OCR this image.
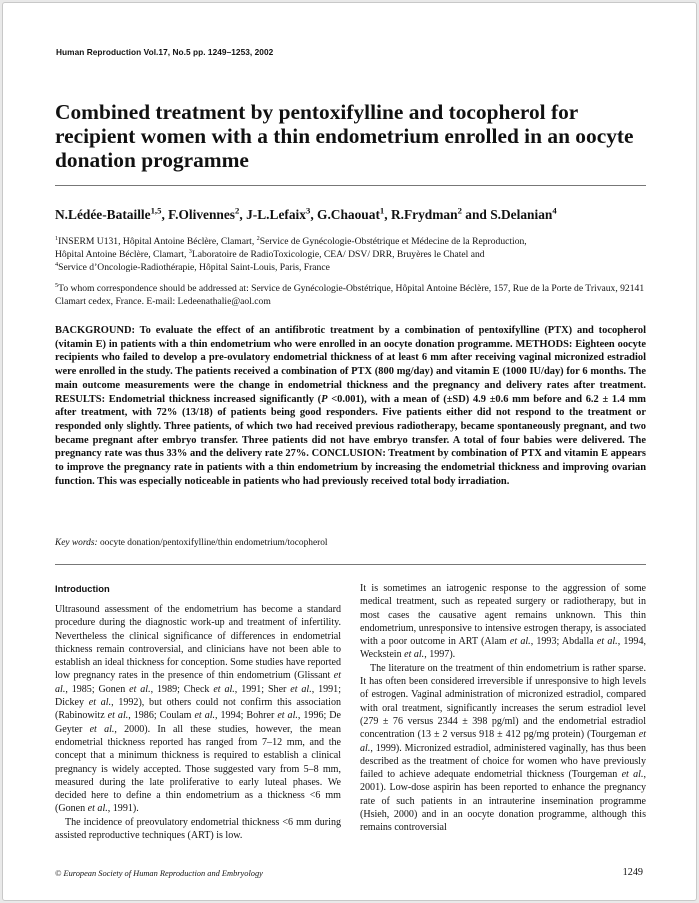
Human Reproduction Vol.17, No.5 pp. 1249–1253, 2002
Combined treatment by pentoxifylline and tocopherol for recipient women with a thin endometrium enrolled in an oocyte donation programme
N.Lédée-Bataille$^{1,5}$, F.Olivennes$^2$, J-L.Lefaix$^3$, G.Chaouat$^1$, R.Frydman$^2$ and S.Delanian$^4$
$^1$INSERM U131, Hôpital Antoine Béclère, Clamart, $^2$Service de Gynécologie-Obstétrique et Médecine de la Reproduction,
Hôpital Antoine Béclère, Clamart, $^3$Laboratoire de RadioToxicologie, CEA/ DSV/ DRR, Bruyères le Chatel and
$^4$Service d’Oncologie-Radiothérapie, Hôpital Saint-Louis, Paris, France
$^5$To whom correspondence should be addressed at: Service de Gynécologie-Obstétrique, Hôpital Antoine Béclère, 157, Rue de la Porte de Trivaux, 92141 Clamart cedex, France. E-mail: Ledeenathalie@aol.com

BACKGROUND: To evaluate the effect of an antifibrotic treatment by a combination of pentoxifylline (PTX) and tocopherol (vitamin E) in patients with a thin endometrium who were enrolled in an oocyte donation programme. METHODS: Eighteen oocyte recipients who failed to develop a pre-ovulatory endometrial thickness of at least 6 mm after receiving vaginal micronized estradiol were enrolled in the study. The patients received a combination of PTX (800 mg/day) and vitamin E (1000 IU/day) for 6 months. The main outcome measurements were the change in endometrial thickness and the pregnancy and delivery rates after treatment. RESULTS: Endometrial thickness increased significantly (P <0.001), with a mean of (±SD) 4.9 ±0.6 mm before and 6.2 ± 1.4 mm after treatment, with 72% (13/18) of patients being good responders. Five patients either did not respond to the treatment or responded only slightly. Three patients, of which two had received previous radiotherapy, became spontaneously pregnant, and two became pregnant after embryo transfer. Three patients did not have embryo transfer. A total of four babies were delivered. The pregnancy rate was thus 33% and the delivery rate 27%. CONCLUSION: Treatment by combination of PTX and vitamin E appears to improve the pregnancy rate in patients with a thin endometrium by increasing the endometrial thickness and improving ovarian function. This was especially noticeable in patients who had previously received total body irradiation.

Key words: oocyte donation/pentoxifylline/thin endometrium/tocopherol
Introduction

Ultrasound assessment of the endometrium has become a standard procedure during the diagnostic work-up and treatment of infertility. Nevertheless the clinical significance of differences in endometrial thickness remain controversial, and clinicians have not been able to establish an ideal thickness for conception. Some studies have reported low pregnancy rates in the presence of thin endometrium (Glissant et al., 1985; Gonen et al., 1989; Check et al., 1991; Sher et al., 1991; Dickey et al., 1992), but others could not confirm this association (Rabinowitz et al., 1986; Coulam et al., 1994; Bohrer et al., 1996; De Geyter et al., 2000). In all these studies, however, the mean endometrial thickness reported has ranged from 7–12 mm, and the concept that a minimum thickness is required to establish a clinical pregnancy is widely accepted. Those suggested vary from 5–8 mm, measured during the late proliferative to early luteal phases. We decided here to define a thin endometrium as a thickness <6 mm (Gonen et al., 1991).

The incidence of preovulatory endometrial thickness <6 mm during assisted reproductive techniques (ART) is low.

It is sometimes an iatrogenic response to the aggression of some medical treatment, such as repeated surgery or radiotherapy, but in most cases the causative agent remains unknown. This thin endometrium, unresponsive to intensive estrogen therapy, is associated with a poor outcome in ART (Alam et al., 1993; Abdalla et al., 1994, Weckstein et al., 1997).

The literature on the treatment of thin endometrium is rather sparse. It has often been considered irreversible if unresponsive to high levels of estrogen. Vaginal administration of micronized estradiol, compared with oral treatment, significantly increases the serum estradiol level (279 ± 76 versus 2344 ± 398 pg/ml) and the endometrial estradiol concentration (13 ± 2 versus 918 ± 412 pg/mg protein) (Tourgeman et al., 1999). Micronized estradiol, administered vaginally, has thus been described as the treatment of choice for women who have previously failed to achieve adequate endometrial thickness (Tourgeman et al., 2001). Low-dose aspirin has been reported to enhance the pregnancy rate of such patients in an intrauterine insemination programme (Hsieh, 2000) and in an oocyte donation programme, although this remains controversial

© European Society of Human Reproduction and Embryology	1249
